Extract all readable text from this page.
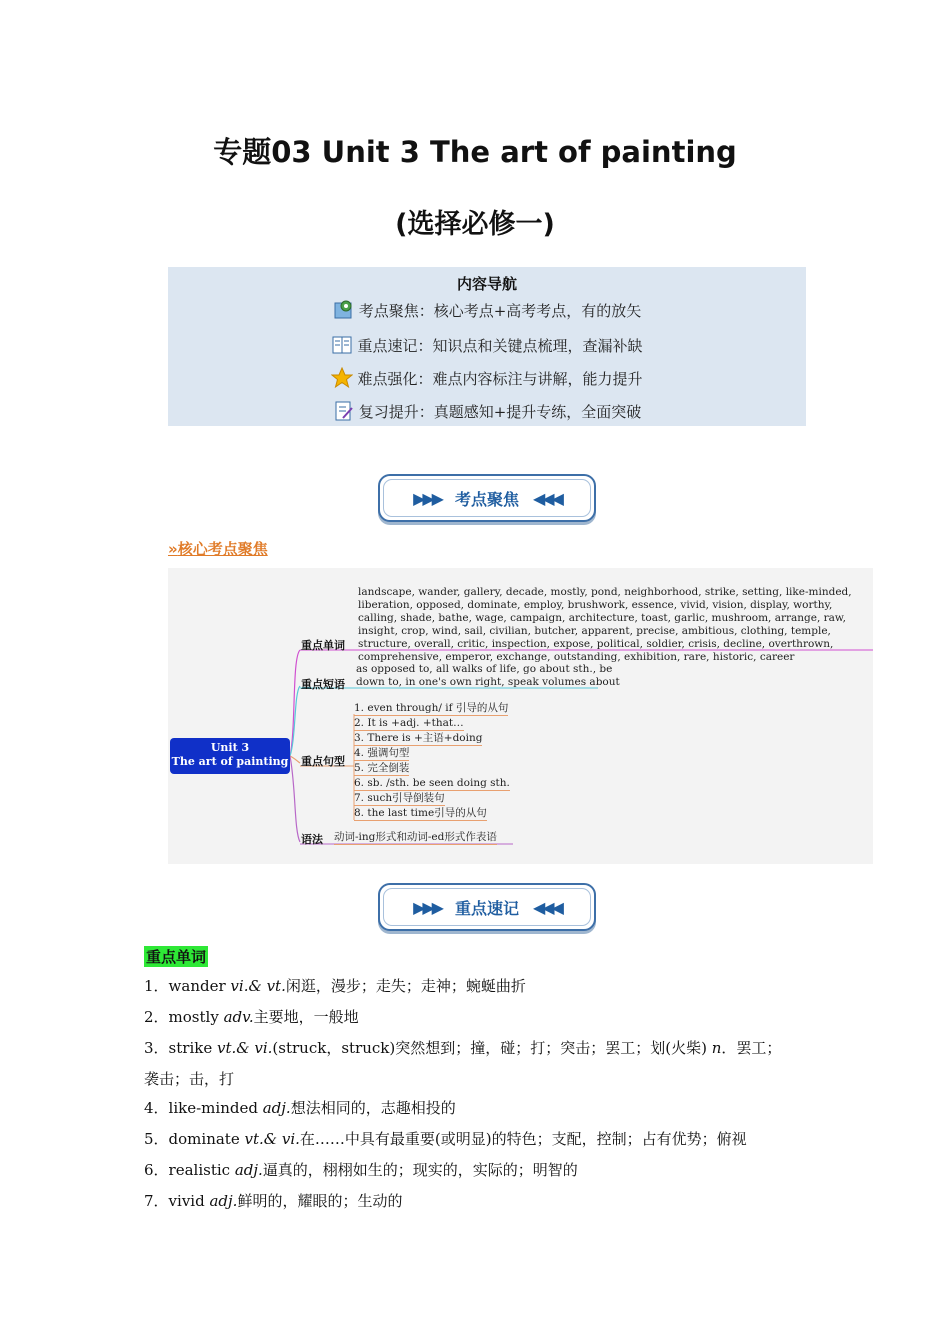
专题03 Unit 3 The art of painting
(选择必修一)
内容导航
考点聚焦：核心考点+高考考点，有的放矢
重点速记：知识点和关键点梳理，查漏补缺
难点强化：难点内容标注与讲解，能力提升
复习提升：真题感知+提升专练，全面突破
▶▶▶ 考点聚焦 ◀◀◀
»核心考点聚焦
Unit 3
The art of painting
重点单词
重点短语
重点句型
语法
landscape, wander, gallery, decade, mostly, pond, neighborhood, strike, setting, like-minded, liberation, opposed, dominate, employ, brushwork, essence, vivid, vision, display, worthy, calling, shade, bathe, wage, campaign, architecture, toast, garlic, mushroom, arrange, raw, insight, crop, wind, sail, civilian, butcher, apparent, precise, ambitious, clothing, temple, structure, overall, critic, inspection, expose, political, soldier, crisis, decline, overthrown, comprehensive, emperor, exchange, outstanding, exhibition, rare, historic, career
as opposed to, all walks of life, go about sth., be
down to, in one's own right, speak volumes about
1. even through/ if 引导的从句
2. It is +adj. +that…
3. There is +主语+doing
4. 强调句型
5. 完全倒装
6. sb. /sth. be seen doing sth.
7. such引导倒装句
8. the last time引导的从句
动词-ing形式和动词-ed形式作表语
▶▶▶ 重点速记 ◀◀◀
重点单词
1．wander vi.& vt.闲逛，漫步；走失；走神；蜿蜒曲折
2．mostly adv.主要地，一般地
3．strike vt.& vi.(struck，struck)突然想到；撞，碰；打；突击；罢工；划(火柴) n．罢工；
袭击；击，打
4．like-minded adj.想法相同的，志趣相投的
5．dominate vt.& vi.在……中具有最重要(或明显)的特色；支配，控制；占有优势；俯视
6．realistic adj.逼真的，栩栩如生的；现实的，实际的；明智的
7．vivid adj.鲜明的，耀眼的；生动的
